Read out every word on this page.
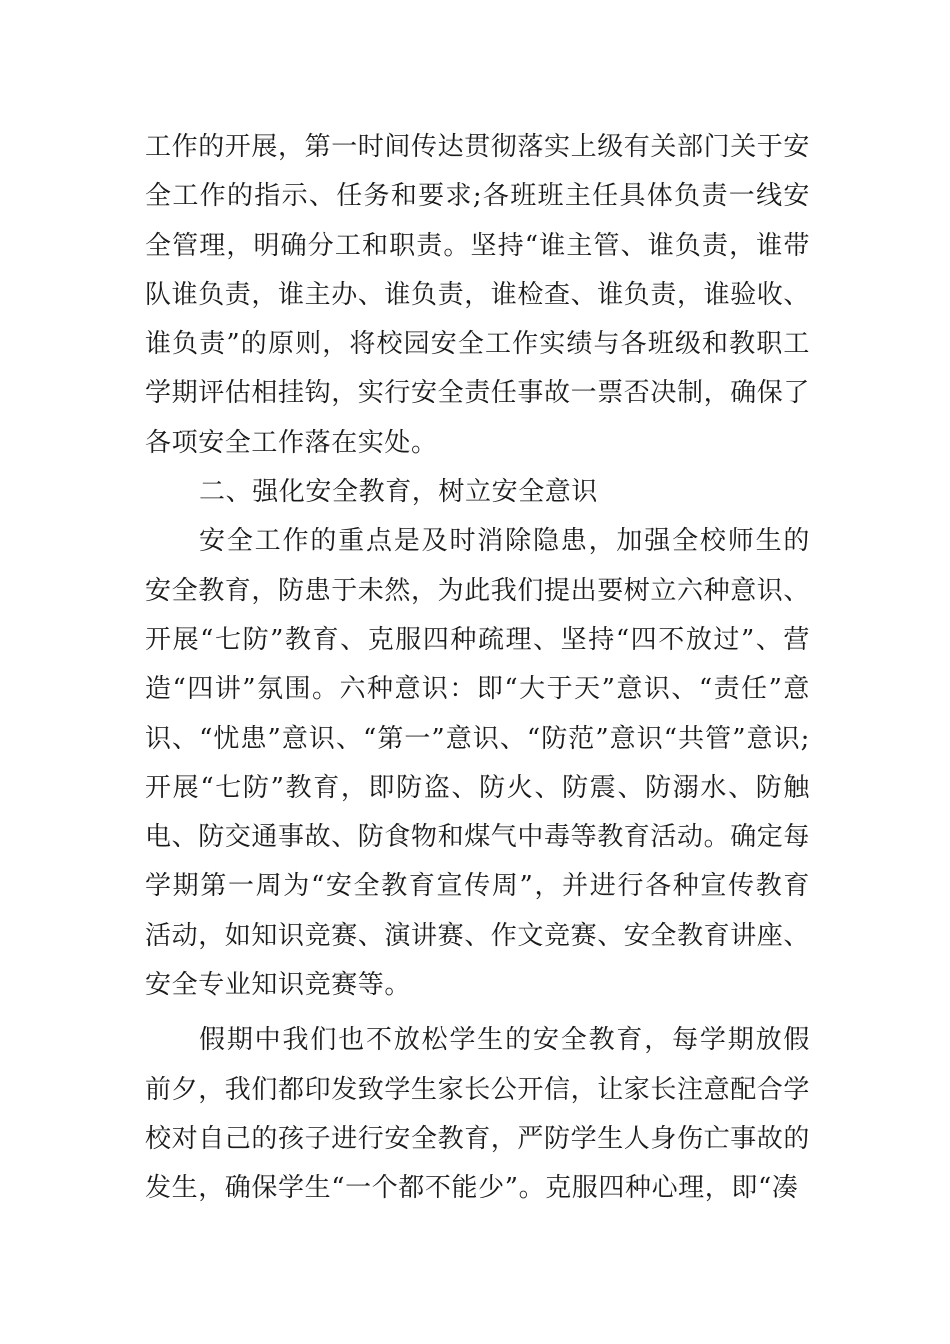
工作的开展，第一时间传达贯彻落实上级有关部门关于安全工作的指示、任务和要求;各班班主任具体负责一线安全管理，明确分工和职责。坚持“谁主管、谁负责，谁带队谁负责，谁主办、谁负责，谁检查、谁负责，谁验收、谁负责”的原则，将校园安全工作实绩与各班级和教职工学期评估相挂钩，实行安全责任事故一票否决制，确保了各项安全工作落在实处。

二、强化安全教育，树立安全意识

安全工作的重点是及时消除隐患，加强全校师生的安全教育，防患于未然，为此我们提出要树立六种意识、开展“七防”教育、克服四种疏理、坚持“四不放过”、营造“四讲”氛围。六种意识：即“大于天”意识、“责任”意识、“忧患”意识、“第一”意识、“防范”意识“共管”意识;开展“七防”教育，即防盗、防火、防震、防溺水、防触电、防交通事故、防食物和煤气中毒等教育活动。确定每学期第一周为“安全教育宣传周”，并进行各种宣传教育活动，如知识竞赛、演讲赛、作文竞赛、安全教育讲座、安全专业知识竞赛等。

假期中我们也不放松学生的安全教育，每学期放假前夕，我们都印发致学生家长公开信，让家长注意配合学校对自己的孩子进行安全教育，严防学生人身伤亡事故的发生，确保学生“一个都不能少”。克服四种心理，即“凑
